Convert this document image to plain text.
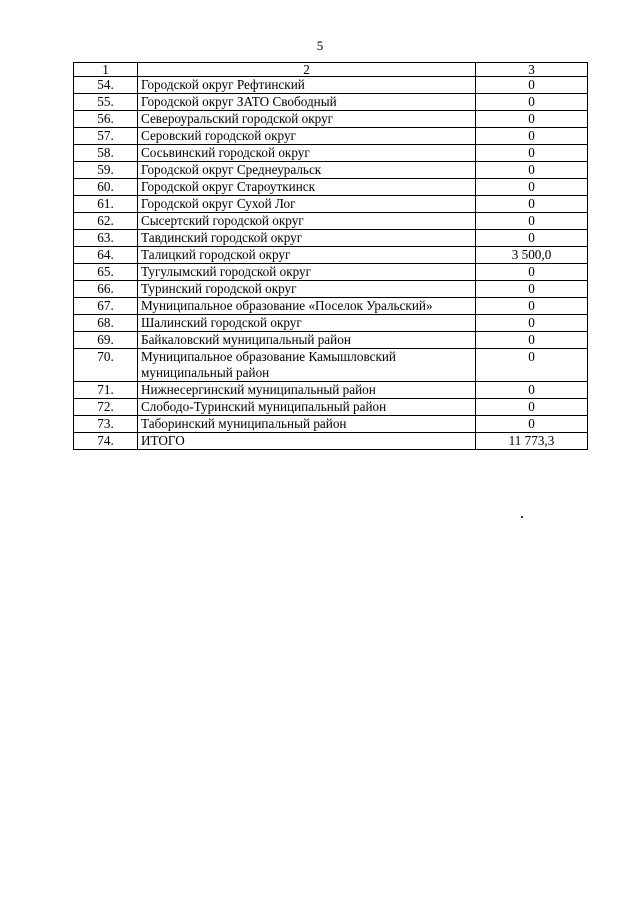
5
1	2	3
54.	Городской округ Рефтинский	0
55.	Городской округ ЗАТО Свободный	0
56.	Североуральский городской округ	0
57.	Серовский городской округ	0
58.	Сосьвинский городской округ	0
59.	Городской округ Среднеуральск	0
60.	Городской округ Староуткинск	0
61.	Городской округ Сухой Лог	0
62.	Сысертский городской округ	0
63.	Тавдинский городской округ	0
64.	Талицкий городской округ	3 500,0
65.	Тугулымский городской округ	0
66.	Туринский городской округ	0
67.	Муниципальное образование «Поселок Уральский»	0
68.	Шалинский городской округ	0
69.	Байкаловский муниципальный район	0
70.	Муниципальное образование Камышловский муниципальный район	0
71.	Нижнесергинский муниципальный район	0
72.	Слободо-Туринский муниципальный район	0
73.	Таборинский муниципальный район	0
74.	ИТОГО	11 773,3
